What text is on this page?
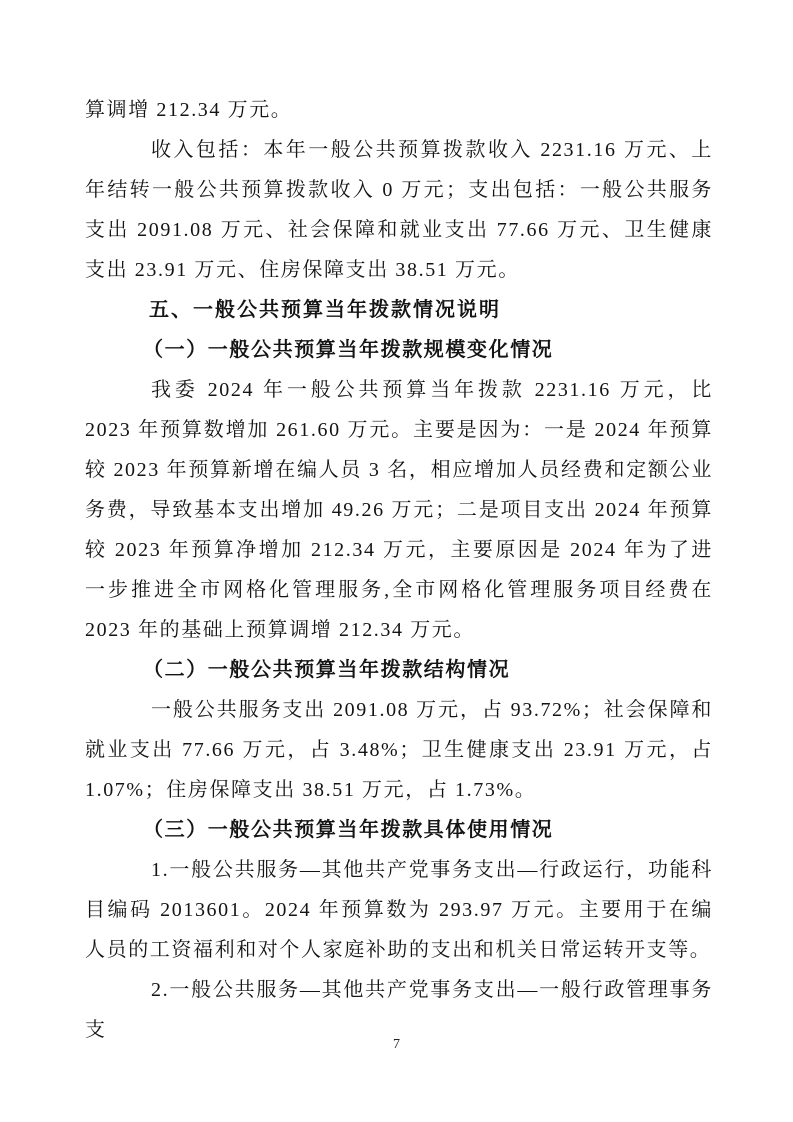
算调增 212.34 万元。

收入包括：本年一般公共预算拨款收入 2231.16 万元、上年结转一般公共预算拨款收入 0 万元；支出包括：一般公共服务支出 2091.08 万元、社会保障和就业支出 77.66 万元、卫生健康支出 23.91 万元、住房保障支出 38.51 万元。

五、一般公共预算当年拨款情况说明
（一）一般公共预算当年拨款规模变化情况

我委 2024 年一般公共预算当年拨款 2231.16 万元，比 2023 年预算数增加 261.60 万元。主要是因为：一是 2024 年预算较 2023 年预算新增在编人员 3 名，相应增加人员经费和定额公业务费，导致基本支出增加 49.26 万元；二是项目支出 2024 年预算较 2023 年预算净增加 212.34 万元，主要原因是 2024 年为了进一步推进全市网格化管理服务,全市网格化管理服务项目经费在 2023 年的基础上预算调增 212.34 万元。

（二）一般公共预算当年拨款结构情况

一般公共服务支出 2091.08 万元，占 93.72%；社会保障和就业支出 77.66 万元，占 3.48%；卫生健康支出 23.91 万元，占 1.07%；住房保障支出 38.51 万元，占 1.73%。

（三）一般公共预算当年拨款具体使用情况

1.一般公共服务—其他共产党事务支出—行政运行，功能科目编码 2013601。2024 年预算数为 293.97 万元。主要用于在编人员的工资福利和对个人家庭补助的支出和机关日常运转开支等。

2.一般公共服务—其他共产党事务支出—一般行政管理事务支

7
